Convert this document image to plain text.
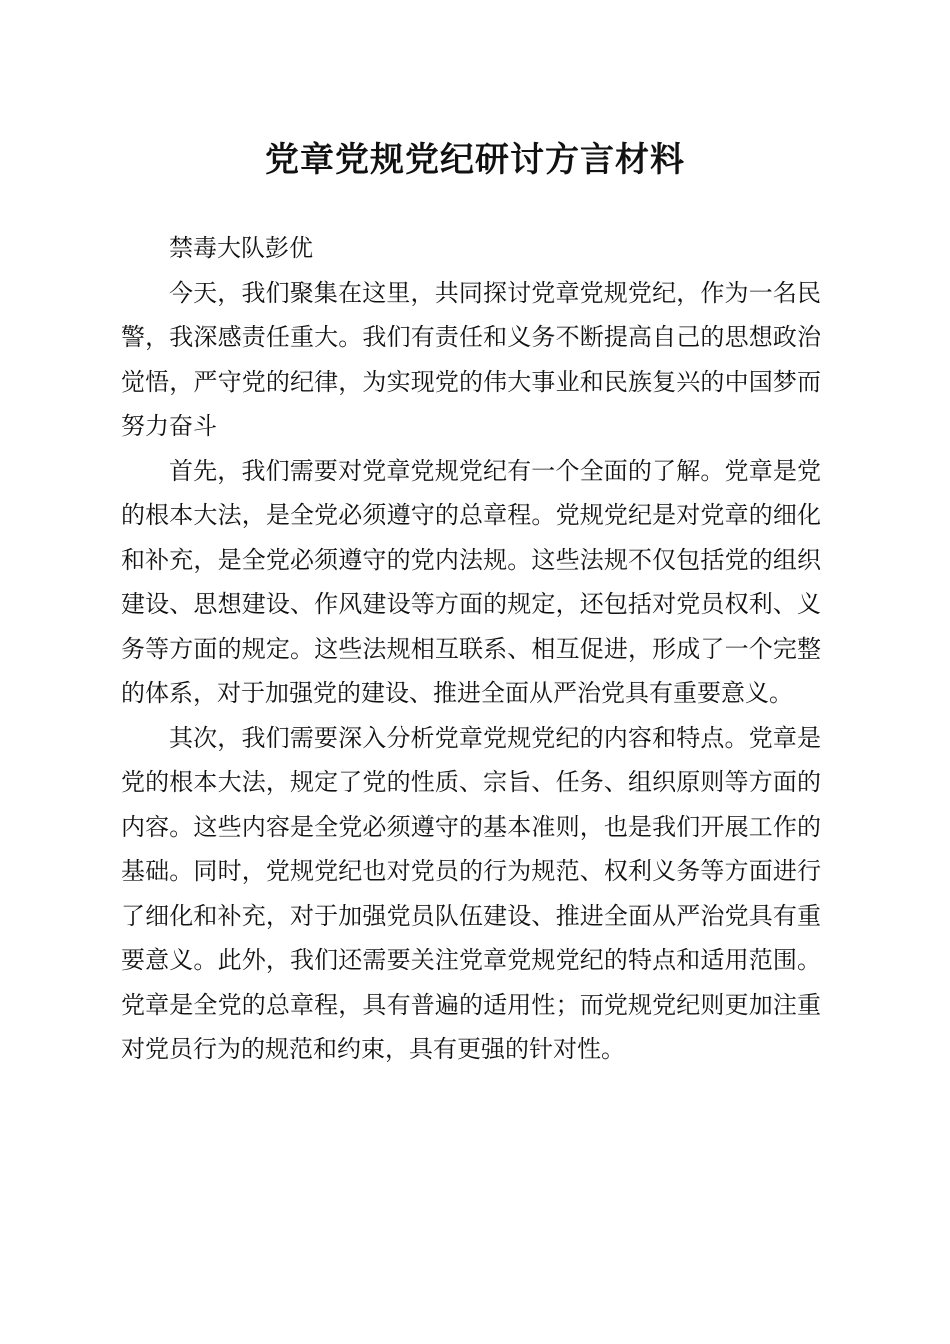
党章党规党纪研讨方言材料

禁毒大队彭优

今天，我们聚集在这里，共同探讨党章党规党纪，作为一名民警，我深感责任重大。我们有责任和义务不断提高自己的思想政治觉悟，严守党的纪律，为实现党的伟大事业和民族复兴的中国梦而努力奋斗

首先，我们需要对党章党规党纪有一个全面的了解。党章是党的根本大法，是全党必须遵守的总章程。党规党纪是对党章的细化和补充，是全党必须遵守的党内法规。这些法规不仅包括党的组织建设、思想建设、作风建设等方面的规定，还包括对党员权利、义务等方面的规定。这些法规相互联系、相互促进，形成了一个完整的体系，对于加强党的建设、推进全面从严治党具有重要意义。

其次，我们需要深入分析党章党规党纪的内容和特点。党章是党的根本大法，规定了党的性质、宗旨、任务、组织原则等方面的内容。这些内容是全党必须遵守的基本准则，也是我们开展工作的基础。同时，党规党纪也对党员的行为规范、权利义务等方面进行了细化和补充，对于加强党员队伍建设、推进全面从严治党具有重要意义。此外，我们还需要关注党章党规党纪的特点和适用范围。党章是全党的总章程，具有普遍的适用性；而党规党纪则更加注重对党员行为的规范和约束，具有更强的针对性。
